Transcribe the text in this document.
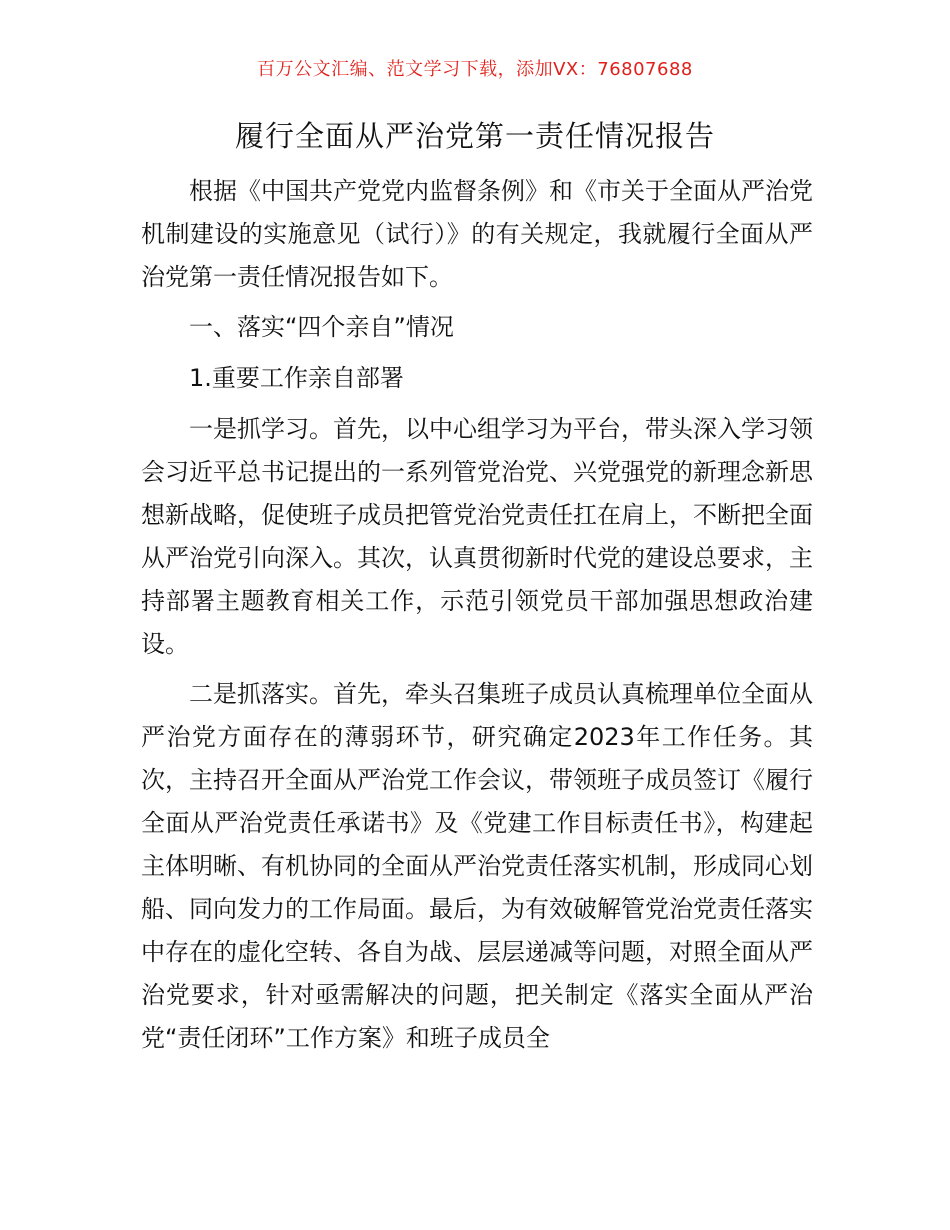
百万公文汇编、范文学习下载，添加VX：76807688
履行全面从严治党第一责任情况报告

根据《中国共产党党内监督条例》和《市关于全面从严治党机制建设的实施意见（试行）》的有关规定，我就履行全面从严治党第一责任情况报告如下。

一、落实“四个亲自”情况

1.重要工作亲自部署

一是抓学习。首先，以中心组学习为平台，带头深入学习领会习近平总书记提出的一系列管党治党、兴党强党的新理念新思想新战略，促使班子成员把管党治党责任扛在肩上，不断把全面从严治党引向深入。其次，认真贯彻新时代党的建设总要求，主持部署主题教育相关工作，示范引领党员干部加强思想政治建设。

二是抓落实。首先，牵头召集班子成员认真梳理单位全面从严治党方面存在的薄弱环节，研究确定2023年工作任务。其次，主持召开全面从严治党工作会议，带领班子成员签订《履行全面从严治党责任承诺书》及《党建工作目标责任书》，构建起主体明晰、有机协同的全面从严治党责任落实机制，形成同心划船、同向发力的工作局面。最后，为有效破解管党治党责任落实中存在的虚化空转、各自为战、层层递减等问题，对照全面从严治党要求，针对亟需解决的问题，把关制定《落实全面从严治党“责任闭环”工作方案》和班子成员全
